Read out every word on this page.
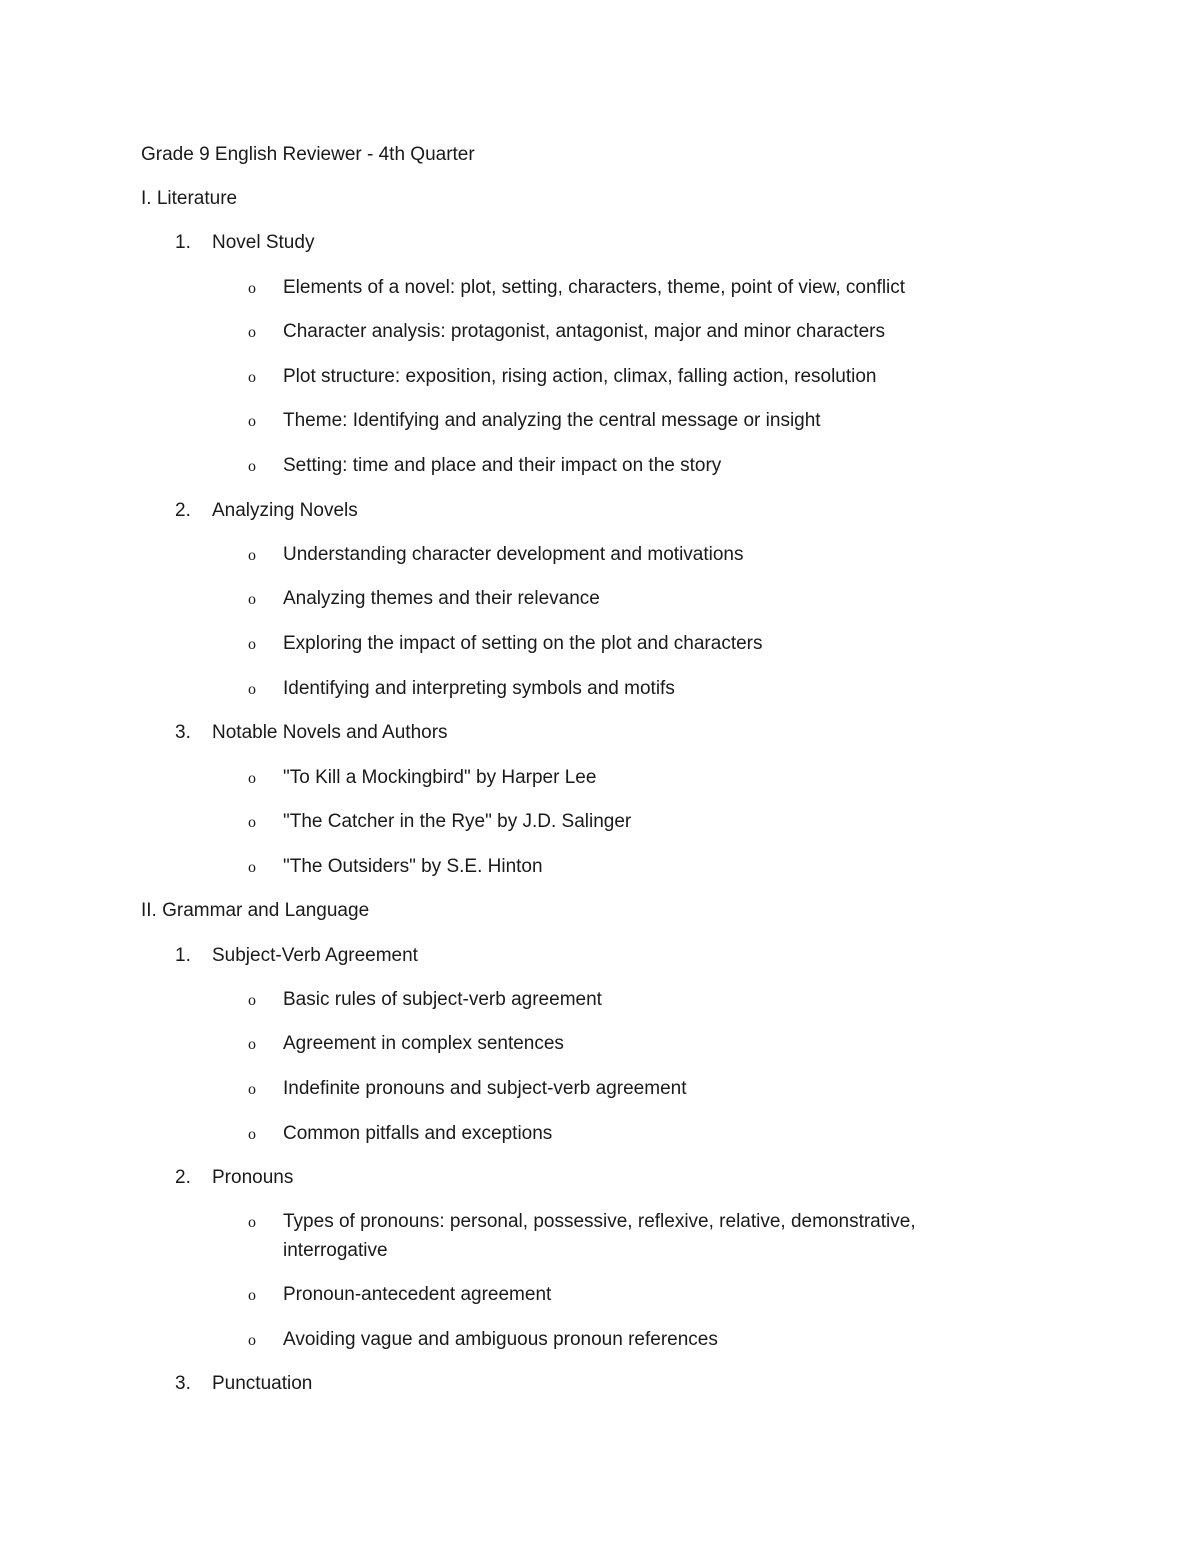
Grade 9 English Reviewer - 4th Quarter
I. Literature
1.	Novel Study
o Elements of a novel: plot, setting, characters, theme, point of view, conflict
o Character analysis: protagonist, antagonist, major and minor characters
o Plot structure: exposition, rising action, climax, falling action, resolution
o Theme: Identifying and analyzing the central message or insight
o Setting: time and place and their impact on the story
2.	Analyzing Novels
o Understanding character development and motivations
o Analyzing themes and their relevance
o Exploring the impact of setting on the plot and characters
o Identifying and interpreting symbols and motifs
3.	Notable Novels and Authors
o "To Kill a Mockingbird" by Harper Lee
o "The Catcher in the Rye" by J.D. Salinger
o "The Outsiders" by S.E. Hinton
II. Grammar and Language
1.	Subject-Verb Agreement
o Basic rules of subject-verb agreement
o Agreement in complex sentences
o Indefinite pronouns and subject-verb agreement
o Common pitfalls and exceptions
2.	Pronouns
o Types of pronouns: personal, possessive, reflexive, relative, demonstrative, interrogative
o Pronoun-antecedent agreement
o Avoiding vague and ambiguous pronoun references
3.	Punctuation
